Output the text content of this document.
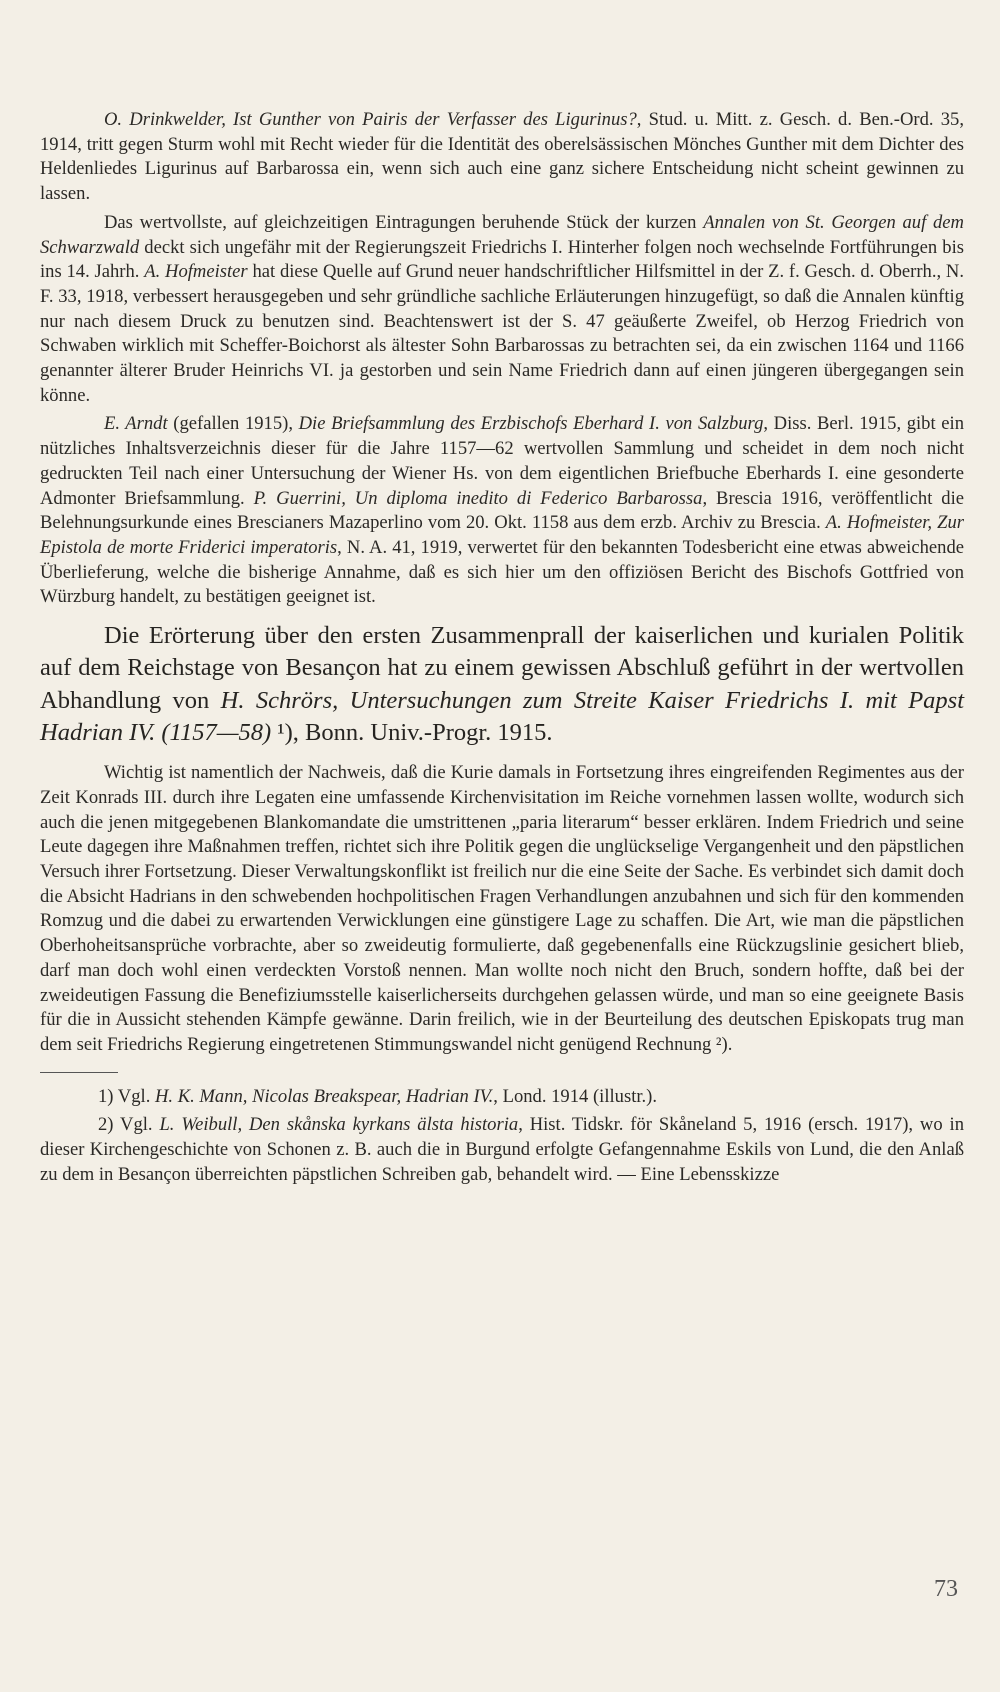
O. Drinkwelder, Ist Gunther von Pairis der Verfasser des Ligurinus?, Stud. u. Mitt. z. Gesch. d. Ben.-Ord. 35, 1914, tritt gegen Sturm wohl mit Recht wieder für die Identität des oberelsässischen Mönches Gunther mit dem Dichter des Heldenliedes Ligurinus auf Barbarossa ein, wenn sich auch eine ganz sichere Entscheidung nicht scheint gewinnen zu lassen.

Das wertvollste, auf gleichzeitigen Eintragungen beruhende Stück der kurzen Annalen von St. Georgen auf dem Schwarzwald deckt sich ungefähr mit der Regierungszeit Friedrichs I. Hinterher folgen noch wechselnde Fortführungen bis ins 14. Jahrh. A. Hofmeister hat diese Quelle auf Grund neuer handschriftlicher Hilfsmittel in der Z. f. Gesch. d. Oberrh., N. F. 33, 1918, verbessert herausgegeben und sehr gründliche sachliche Erläuterungen hinzugefügt, so daß die Annalen künftig nur nach diesem Druck zu benutzen sind. Beachtenswert ist der S. 47 geäußerte Zweifel, ob Herzog Friedrich von Schwaben wirklich mit Scheffer-Boichorst als ältester Sohn Barbarossas zu betrachten sei, da ein zwischen 1164 und 1166 genannter älterer Bruder Heinrichs VI. ja gestorben und sein Name Friedrich dann auf einen jüngeren übergegangen sein könne.

E. Arndt (gefallen 1915), Die Briefsammlung des Erzbischofs Eberhard I. von Salzburg, Diss. Berl. 1915, gibt ein nützliches Inhaltsverzeichnis dieser für die Jahre 1157—62 wertvollen Sammlung und scheidet in dem noch nicht gedruckten Teil nach einer Untersuchung der Wiener Hs. von dem eigentlichen Briefbuche Eberhards I. eine gesonderte Admonter Briefsammlung. P. Guerrini, Un diploma inedito di Federico Barbarossa, Brescia 1916, veröffentlicht die Belehnungsurkunde eines Brescianers Mazaperlino vom 20. Okt. 1158 aus dem erzb. Archiv zu Brescia. A. Hofmeister, Zur Epistola de morte Friderici imperatoris, N. A. 41, 1919, verwertet für den bekannten Todesbericht eine etwas abweichende Überlieferung, welche die bisherige Annahme, daß es sich hier um den offiziösen Bericht des Bischofs Gottfried von Würzburg handelt, zu bestätigen geeignet ist.

Die Erörterung über den ersten Zusammenprall der kaiserlichen und kurialen Politik auf dem Reichstage von Besançon hat zu einem gewissen Abschluß geführt in der wertvollen Abhandlung von H. Schrörs, Untersuchungen zum Streite Kaiser Friedrichs I. mit Papst Hadrian IV. (1157—58) ¹), Bonn. Univ.-Progr. 1915.

Wichtig ist namentlich der Nachweis, daß die Kurie damals in Fortsetzung ihres eingreifenden Regimentes aus der Zeit Konrads III. durch ihre Legaten eine umfassende Kirchenvisitation im Reiche vornehmen lassen wollte, wodurch sich auch die jenen mitgegebenen Blankomandate die umstrittenen „paria literarum“ besser erklären. Indem Friedrich und seine Leute dagegen ihre Maßnahmen treffen, richtet sich ihre Politik gegen die unglückselige Vergangenheit und den päpstlichen Versuch ihrer Fortsetzung. Dieser Verwaltungskonflikt ist freilich nur die eine Seite der Sache. Es verbindet sich damit doch die Absicht Hadrians in den schwebenden hochpolitischen Fragen Verhandlungen anzubahnen und sich für den kommenden Romzug und die dabei zu erwartenden Verwicklungen eine günstigere Lage zu schaffen. Die Art, wie man die päpstlichen Oberhoheitsansprüche vorbrachte, aber so zweideutig formulierte, daß gegebenenfalls eine Rückzugslinie gesichert blieb, darf man doch wohl einen verdeckten Vorstoß nennen. Man wollte noch nicht den Bruch, sondern hoffte, daß bei der zweideutigen Fassung die Benefiziumsstelle kaiserlicherseits durchgehen gelassen würde, und man so eine geeignete Basis für die in Aussicht stehenden Kämpfe gewänne. Darin freilich, wie in der Beurteilung des deutschen Episkopats trug man dem seit Friedrichs Regierung eingetretenen Stimmungswandel nicht genügend Rechnung ²).

1) Vgl. H. K. Mann, Nicolas Breakspear, Hadrian IV., Lond. 1914 (illustr.).

2) Vgl. L. Weibull, Den skånska kyrkans älsta historia, Hist. Tidskr. för Skåneland 5, 1916 (ersch. 1917), wo in dieser Kirchengeschichte von Schonen z. B. auch die in Burgund erfolgte Gefangennahme Eskils von Lund, die den Anlaß zu dem in Besançon überreichten päpstlichen Schreiben gab, behandelt wird. — Eine Lebensskizze

73
